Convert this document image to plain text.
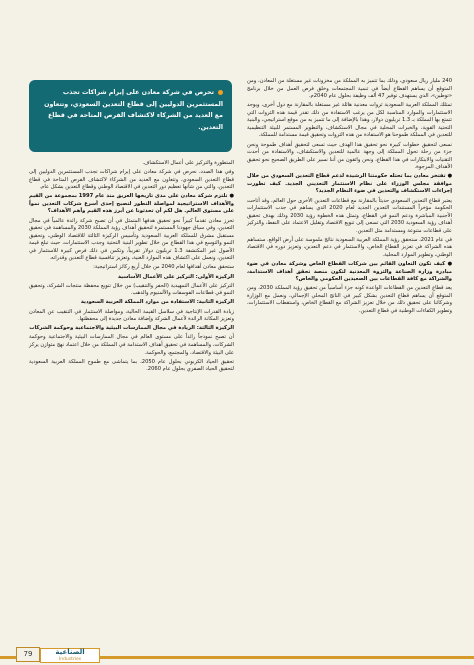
تحرص في شركة معادن على إبرام شراكات تجذب المستثمرين الدوليين إلى قطاع التعدين السعودي، وتتعاون مع العديد من الشركاء لاكتشاف الفرص المتاحة في قطاع التعدين.

240 مليار ريال سعودي، وذلك بما تتميز به المملكة من مخزونات غير مستغلة من المعادن، ومن المتوقع أن يساهم القطاع أيضاً في تنمية المجتمعات وخلق فرص العمل من خلال برنامج «توطين»، الذي يستهدف توفير 47 ألف وظيفة بحلول عام 2040م.

تمتلك المملكة العربية السعودية ثروات معدنية هائلة غير مستغلة بالمقارنة مع دول أخرى، ويوجد الاستثمارات والموارد المناسبة لكل من يرغب الاستفادة من ذلك تقدر قيمة هذه الثروات التي تتمتع بها المملكة بـ 1.3 تريليون دولار، وهذا بالإضافة إلى ما تتميز به من موقع استراتيجي، والبنية التحتية القوية، والخبرات المحلية في مجال الاستكشاف، والتطوير المستمر للبيئة التنظيمية للتعدين في المملكة طموحنا هو الاستفادة من هذه الثروات وتحقيق قيمة مستدامة للمملكة.

نسعى لتحقيق خطوات كبيرة نحو تحقيق هذا الهدف حيث تسعى لتحقيق أهداف طموحة ونحن جزء من رحلة تحول المملكة إلى وجهة عالمية للتعدين والاستكشاف، والاستفادة من أحدث التقنيات والابتكارات في هذا القطاع، ونحن واثقون من أننا نسير على الطريق الصحيح نحو تحقيق الأهداف المرجوة.

● تفتخر معادن بما تحتله حكومتنا الرشيدة لدعم قطاع التعدين السعودي من خلال موافقة مجلس الوزراء على نظام الاستثمار التعديني الجديد. كيف تطورت إجراءات الاستكشاف والتعدين في ضوء النظام الجديد؟

يعتبر قطاع التعدين السعودي حديثاً بالمقارنة مع قطاعات التعدين الأخرى حول العالم، وقد أتاحت الحكومة مؤخراً المستندات التعدين الجديد لعام 2020 الذي يساهم في جذب الاستثمارات الأجنبية المباشرة ودعم النمو في القطاع، وتمثل هذه الخطوة رؤية 2030 وذلك بهدف تحقيق أهداف رؤية السعودية 2030 التي تسعى إلى تنويع الاقتصاد وتقليل الاعتماد على النفط، والتركيز على قطاعات متنوعة ومستدامة مثل التعدين.

في عام 2021، ستحقق رؤية المملكة العربية السعودية نتائج ملموسة على أرض الواقع. ستساهم هذه الشراكة في تعزيز القطاع الخاص، والاستثمار في دعم التعدين، وتعزيز دوره في الاقتصاد الوطني، وتطوير الموارد المحلية.

● كيف تكون التعاون القائم بين شركات القطاع الخاص وشركة معادن في ضوء مبادرة وزارة الصناعة والثروة المعدنية لتكون منصة تحقق أهداف الاستدامة، والشراكة مع كافة القطاعات بين الصعيدين الحكومي والخاص؟

يعد قطاع التعدين من القطاعات الواعدة كونه جزء أساسياً من تحقيق رؤية المملكة 2030، ومن المتوقع أن يساهم قطاع التعدين بشكل كبير في الناتج المحلي الإجمالي، ونعمل مع الوزارة وشركائنا على تحقيق ذلك من خلال تعزيز الشراكة مع القطاع الخاص، واستقطاب الاستثمارات، وتطوير الكفاءات الوطنية في قطاع التعدين.

المتطورة والتركيز على أعمال الاستكشاف.

وفي هذا الصدد، نحرص في شركة معادن على إبرام شراكات تجذب المستثمرين الدوليين إلى قطاع التعدين السعودي، وتتعاون مع العديد من الشركاء لاكتشاف الفرص المتاحة في قطاع التعدين، والتي من شأنها تعظيم دور التعدين في الاقتصاد الوطني وقطاع التعدين بشكل عام.

● تلتزم شركة معادن على مدى تاريخها العريق منذ عام 1997 بمجموعة من القيم والأهداف الاستراتيجية لمواصلة التطور لتصبح إحدى أسرع شركات التعدين نمواً على مستوى العالم. هل لكم أن تحدثونا عن أبرز هذه القيم وأهم الأهداف؟

تحرز معادن تقدماً كبيراً نحو تحقيق هدفها المتمثل في أن تصبح شركة رائدة عالمياً في مجال التعدين، وفي سياق جهودنا المستمرة لتحقيق أهداف رؤية المملكة 2030 والمساهمة في تحقيق مستقبل مشرق للمملكة العربية السعودية وتأسيس الركيزة الثالثة للاقتصاد الوطني، وتحقيق النمو والتوسع في هذا القطاع من خلال تطوير البنية التحتية وجذب الاستثمارات، حيث تبلغ قيمة الأصول غير المكتشفة 1.3 تريليون دولار تقريباً، وتكمن في ذلك فرص كبيرة للاستثمار في التعدين، ونعمل على اكتشاف هذه الموارد الغنية، وتعزيز تنافسية قطاع التعدين وقدراته.

ستحقق معادن أهدافها لعام 2040 من خلال أربع ركائز استراتيجية:

الركيزة الأولى: التركيز على الأعمال الأساسية

التركيز على الأعمال التمهيدية (الحفر والتنقيب) من خلال تنويع محفظة منتجات الشركة، وتحقيق النمو في قطاعات الفوسفات والألمنيوم والذهب.

الركيزة الثانية: الاستفادة من موارد المملكة العربية السعودية

زيادة القدرات الإنتاجية في سلاسل القيمة الحالية، ومواصلة الاستثمار في التنقيب عن المعادن وتعزيز المكانة الرائدة لأعمال الشركة وإضافة معادن جديدة إلى محفظتها.

الركيزة الثالثة: الريادة في مجال الممارسات البيئية والاجتماعية وحوكمة الشركات

أن تصبح نموذجاً رائداً على مستوى العالم في مجال الممارسات البيئية والاجتماعية وحوكمة الشركات، والمساهمة في تحقيق أهداف الاستدامة في المملكة من خلال اعتماد نهج متوازن يركز على البيئة والاقتصاد، والمجتمع، والحوكمة.

تحقيق الحياد الكربوني بحلول عام 2050، بما يتماشى مع طموح المملكة العربية السعودية لتحقيق الحياد الصفري بحلول عام 2060.

79	الصناعية
Industries
